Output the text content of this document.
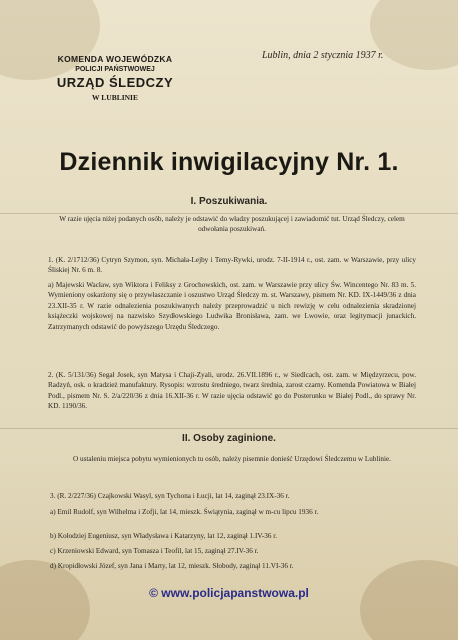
KOMENDA WOJEWÓDZKA
POLICJI PAŃSTWOWEJ
URZĄD ŚLEDCZY
W LUBLINIE
Lublin, dnia 2 stycznia 1937 r.
Dziennik inwigilacyjny Nr. 1.
I. Poszukiwania.
W razie ujęcia niżej podanych osób, należy je odstawić do władzy poszukującej i zawiadomić tut. Urząd Śledczy, celem odwołania poszukiwań.
1. (K. 2/1712/36) Cytryn Szymon, syn. Michała-Lejby i Temy-Rywki, urodz. 7-II-1914 r., ost. zam. w Warszawie, przy ulicy Śliskiej Nr. 6 m. 8.
a) Majewski Wacław, syn Wiktora i Feliksy z Grochowskich, ost. zam. w Warszawie przy ulicy Św. Wincentego Nr. 83 m. 5. Wymieniony oskarżony się o przywłaszczanie i oszustwo Urząd Śledczy m. st. Warszawy, pismem Nr. KD. IX-1449/36 z dnia 23.XII-35 r. W razie odnalezienia poszukiwanych należy przeprowadzić u nich rewizję w celu odnalezienia skradzionej książeczki wojskowej na nazwisko Szydłowskiego Ludwika Bronisława, zam. we Lwowie, oraz legitymacji junackich. Zatrzymanych odstawić do powyższego Urzędu Śledczego.
2. (K. 5/131/36) Segał Josek, syn Matysa i Chaji-Zyali, urodz. 26.VII.1896 r., w Siedlcach, ost. zam. w Międzyrzecu, pow. Radzyń, osk. o kradzież manufaktury. Rysopis: wzrostu średniego, twarz średnia, zarost czarny. Komenda Powiatowa w Białej Podl., pismem Nr. S. 2/a/220/36 z dnia 16.XII-36 r. W razie ujęcia odstawić go do Posterunku w Białej Podl., do sprawy Nr. KD. 1190/36.
II. Osoby zaginione.
O ustaleniu miejsca pobytu wymienionych tu osób, należy pisemnie donieść Urzędowi Śledczemu w Lublinie.
3. (R. 2/227/36) Czajkowski Wasyl, syn Tychona i Łucji, lat 14, zaginął 23.IX-36 r.
a) Emil Rudolf, syn Wilhelma i Zofji, lat 14, mieszk. Świątynia, zaginął w m-cu lipcu 1936 r.
b) Kołodziej Eugeniusz, syn Władysława i Katarzyny, lat 12, zaginął 1.IV-36 r.
c) Krzeniowski Edward, syn Tomasza i Teofil, lat 15, zaginął 27.IV-36 r.
d) Kropidłowski Józef, syn Jana i Marty, lat 12, mieszk. Słobody, zaginął 11.VI-36 r.
© www.policjapanstwowa.pl
